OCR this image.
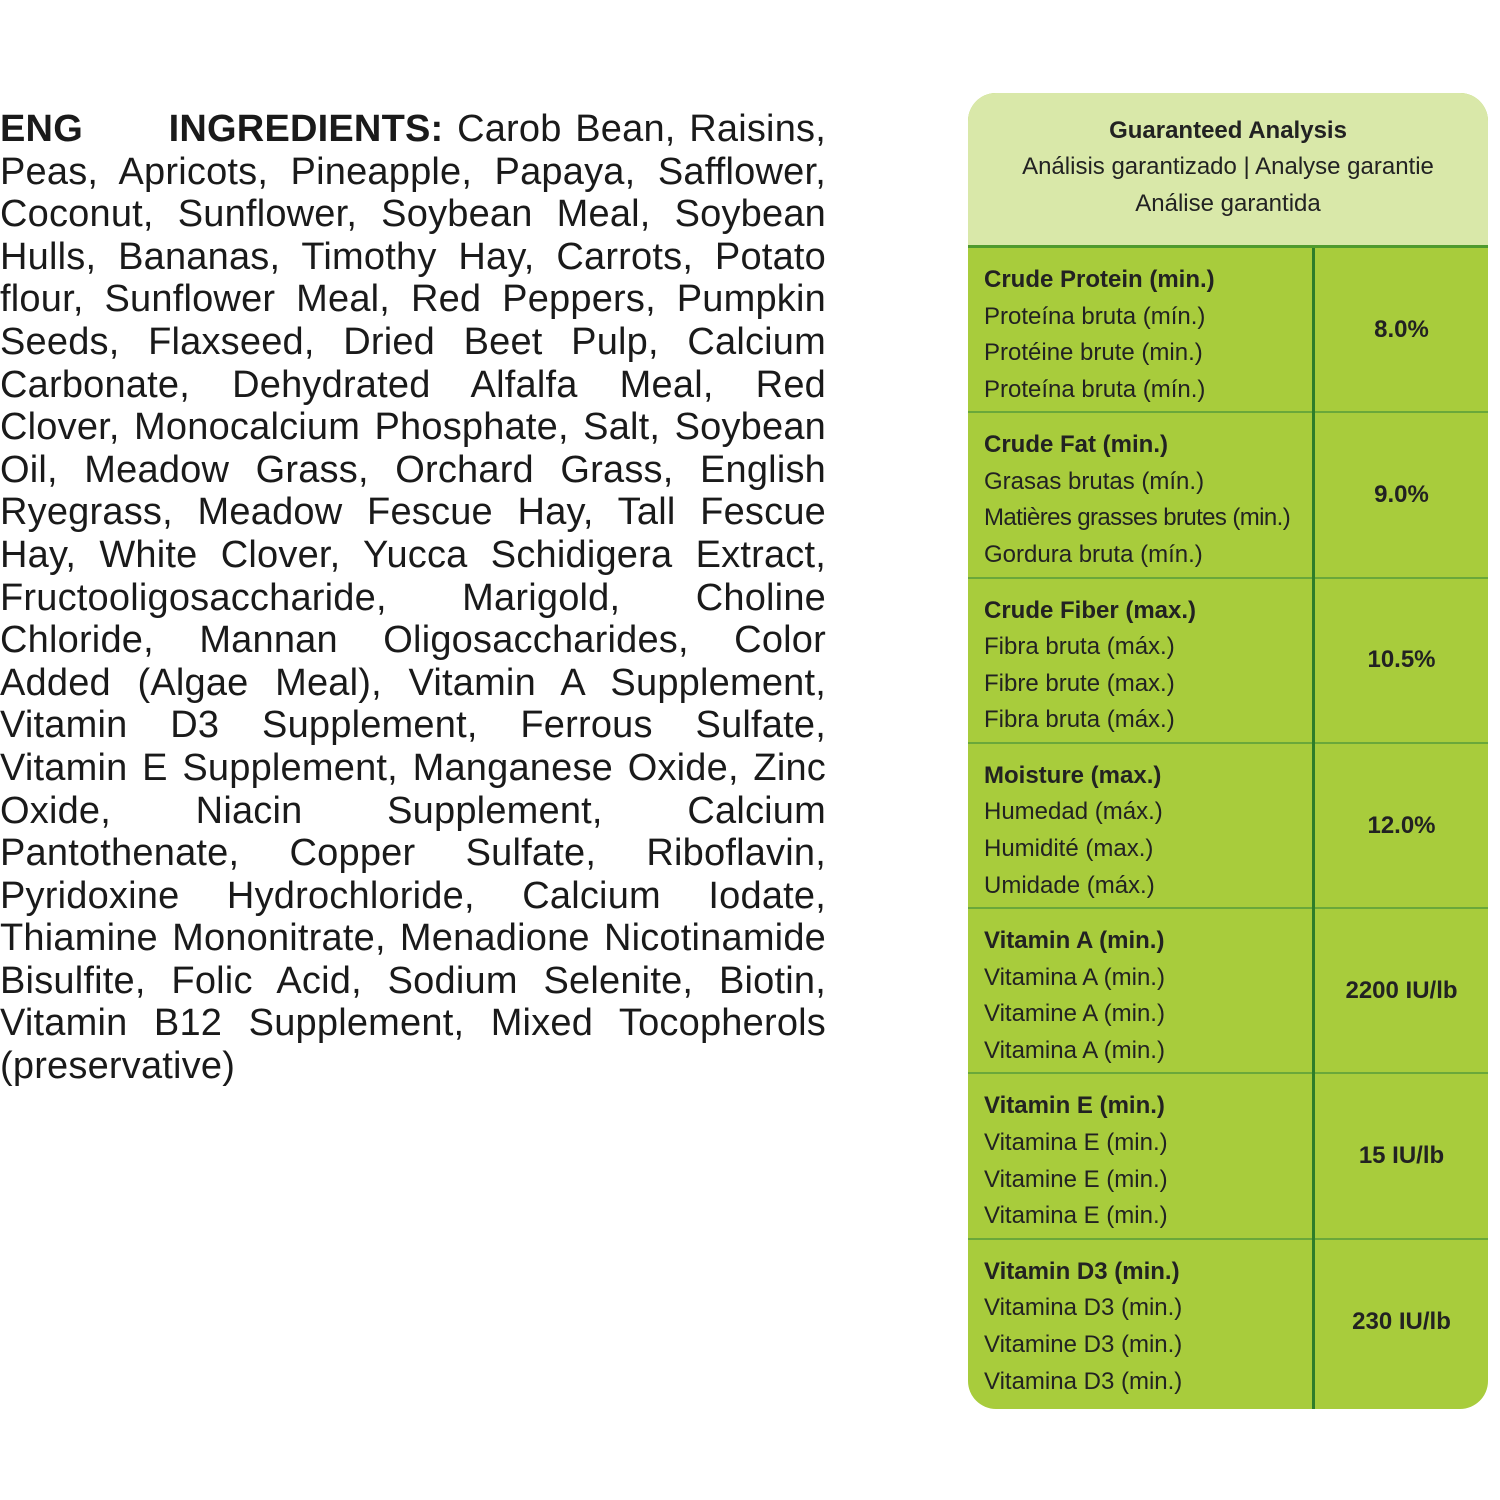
ENG INGREDIENTS: Carob Bean, Raisins, Peas, Apricots, Pineapple, Papaya, Safflower, Coconut, Sunflower, Soybean Meal, Soybean Hulls, Bananas, Timothy Hay, Carrots, Potato flour, Sunflower Meal, Red Peppers, Pumpkin Seeds, Flaxseed, Dried Beet Pulp, Calcium Carbonate, Dehydrated Alfalfa Meal, Red Clover, Monocalcium Phosphate, Salt, Soybean Oil, Meadow Grass, Orchard Grass, English Ryegrass, Meadow Fescue Hay, Tall Fescue Hay, White Clover, Yucca Schidigera Extract, Fructooligosaccharide, Marigold, Choline Chloride, Mannan Oligosaccharides, Color Added (Algae Meal), Vitamin A Supplement, Vitamin D3 Supplement, Ferrous Sulfate, Vitamin E Supplement, Manganese Oxide, Zinc Oxide, Niacin Supplement, Calcium Pantothenate, Copper Sulfate, Riboflavin, Pyridoxine Hydrochloride, Calcium Iodate, Thiamine Mononitrate, Menadione Nicotinamide Bisulfite, Folic Acid, Sodium Selenite, Biotin, Vitamin B12 Supplement, Mixed Tocopherols (preservative)
Guaranteed Analysis
Análisis garantizado | Analyse garantie
Análise garantida
Crude Protein (min.)
Proteína bruta (mín.)
Protéine brute (min.)
Proteína bruta (mín.)
8.0%
Crude Fat (min.)
Grasas brutas (mín.)
Matières grasses brutes (min.)
Gordura bruta (mín.)
9.0%
Crude Fiber (max.)
Fibra bruta (máx.)
Fibre brute (max.)
Fibra bruta (máx.)
10.5%
Moisture (max.)
Humedad (máx.)
Humidité (max.)
Umidade (máx.)
12.0%
Vitamin A (min.)
Vitamina A (min.)
Vitamine A (min.)
Vitamina A (min.)
2200 IU/lb
Vitamin E (min.)
Vitamina E (min.)
Vitamine E (min.)
Vitamina E (min.)
15 IU/lb
Vitamin D3 (min.)
Vitamina D3 (min.)
Vitamine D3 (min.)
Vitamina D3 (min.)
230 IU/lb
